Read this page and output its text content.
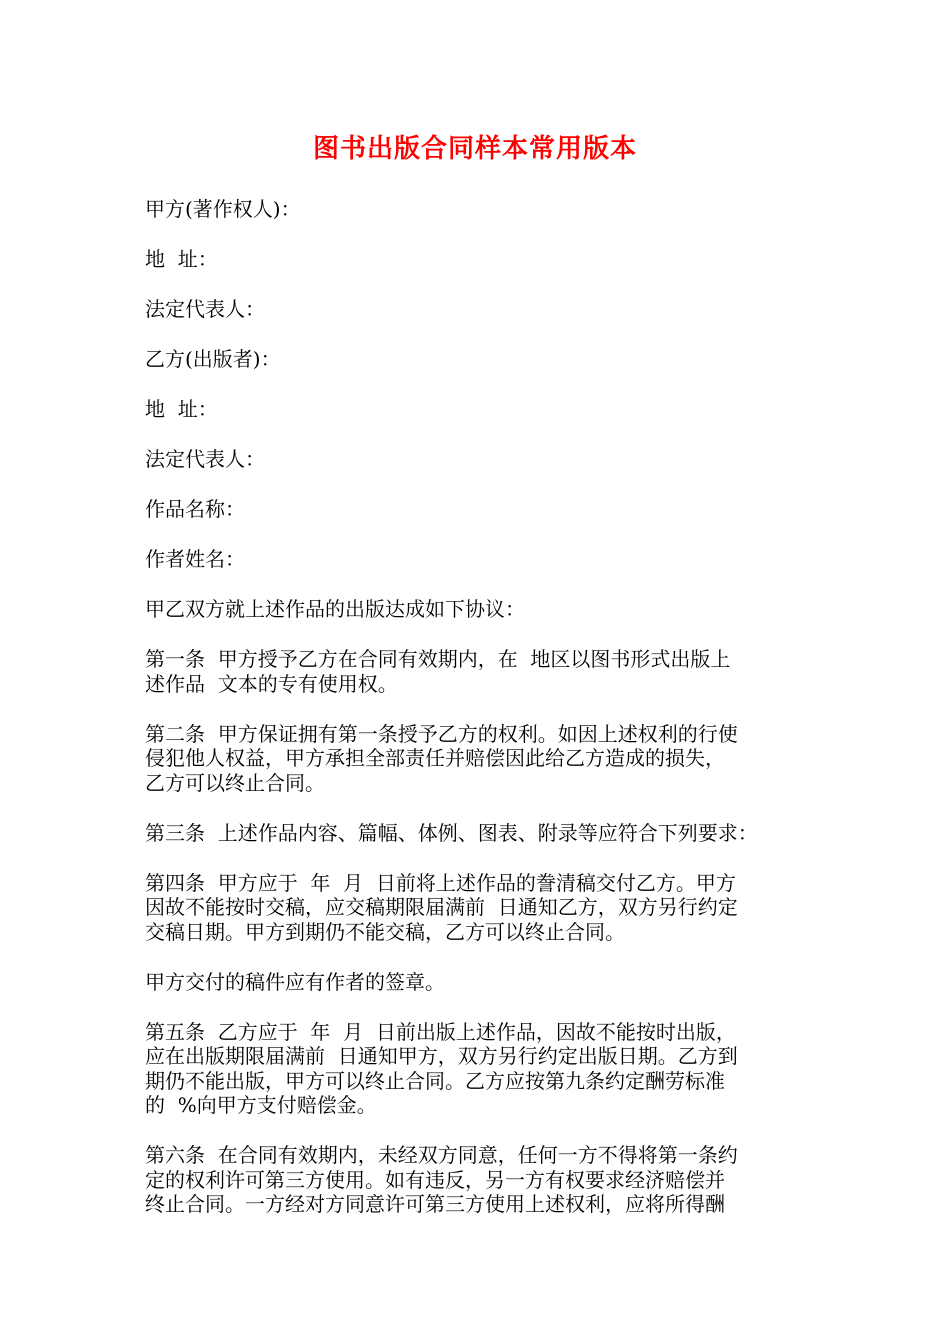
图书出版合同样本常用版本
甲方(著作权人)：
地  址：
法定代表人：
乙方(出版者)：
地  址：
法定代表人：
作品名称：
作者姓名：
甲乙双方就上述作品的出版达成如下协议：
第一条  甲方授予乙方在合同有效期内，在  地区以图书形式出版上
述作品  文本的专有使用权。
第二条  甲方保证拥有第一条授予乙方的权利。如因上述权利的行使
侵犯他人权益，甲方承担全部责任并赔偿因此给乙方造成的损失，
乙方可以终止合同。
第三条  上述作品内容、篇幅、体例、图表、附录等应符合下列要求：
第四条  甲方应于  年  月  日前将上述作品的誊清稿交付乙方。甲方
因故不能按时交稿，应交稿期限届满前  日通知乙方，双方另行约定
交稿日期。甲方到期仍不能交稿，乙方可以终止合同。
甲方交付的稿件应有作者的签章。
第五条  乙方应于  年  月  日前出版上述作品，因故不能按时出版，
应在出版期限届满前  日通知甲方，双方另行约定出版日期。乙方到
期仍不能出版，甲方可以终止合同。乙方应按第九条约定酬劳标准
的  %向甲方支付赔偿金。
第六条  在合同有效期内，未经双方同意，任何一方不得将第一条约
定的权利许可第三方使用。如有违反，另一方有权要求经济赔偿并
终止合同。一方经对方同意许可第三方使用上述权利，应将所得酬
